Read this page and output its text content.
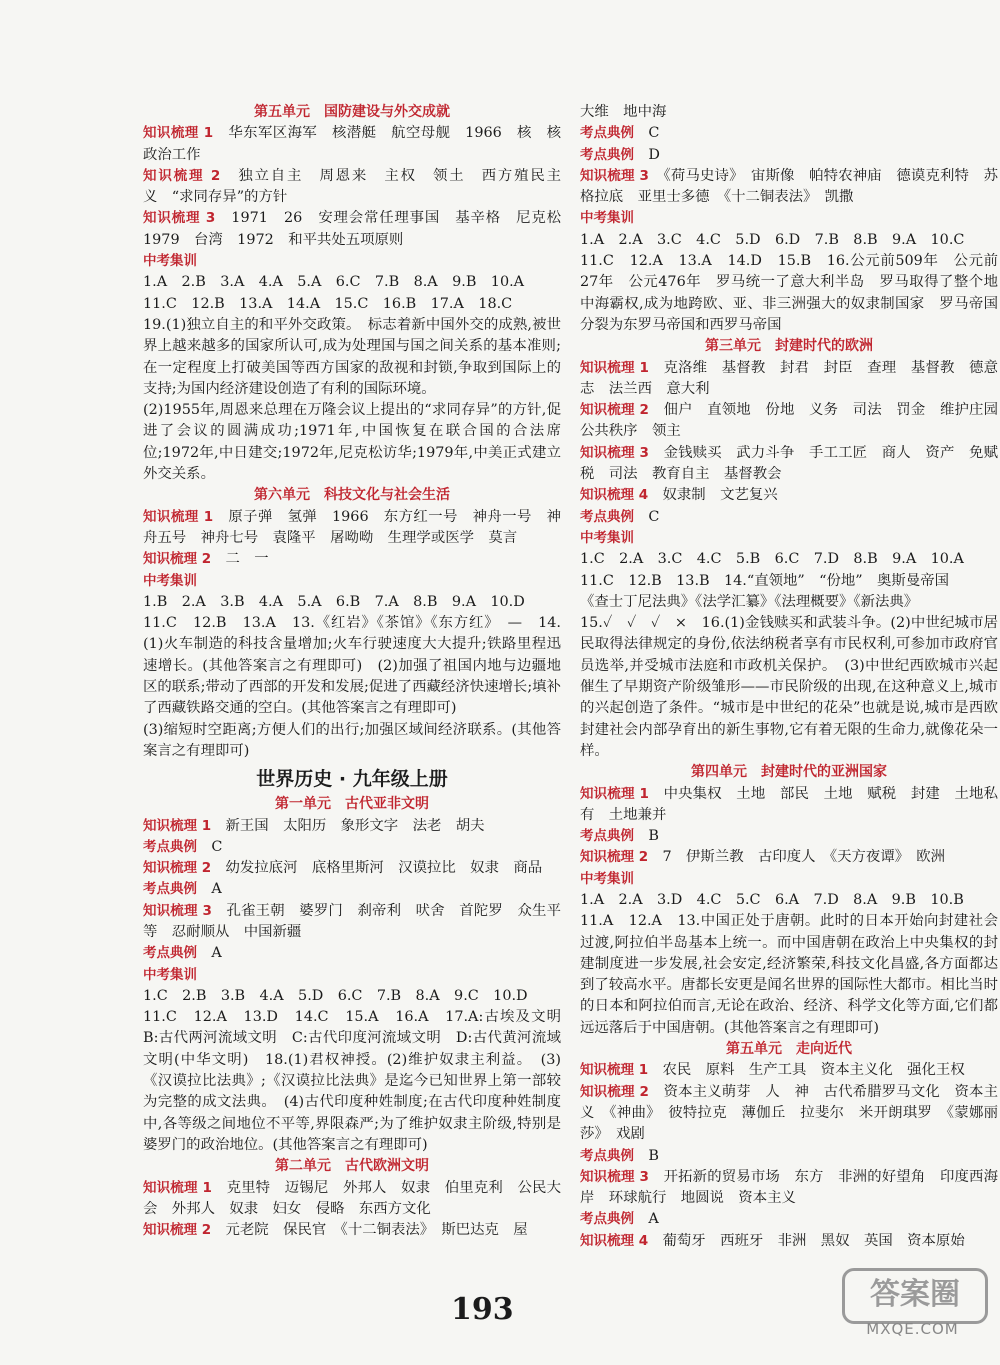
第五单元　国防建设与外交成就
知识梳理 1　 华东军区海军　核潜艇　航空母舰　1966　核　核　政治工作
知识梳理 2　 独立自主　周恩来　主权　领土　西方殖民主义　“求同存异”的方针
知识梳理 3　 1971　26　安理会常任理事国　基辛格　尼克松　1979　台湾　1972　和平共处五项原则
中考集训
1.A　2.B　3.A　4.A　5.A　6.C　7.B　8.A　9.B　10.A
11.C　12.B　13.A　14.A　15.C　16.B　17.A　18.C
19.(1)独立自主的和平外交政策。　标志着新中国外交的成熟,被世界上越来越多的国家所认可,成为处理国与国之间关系的基本准则;在一定程度上打破美国等西方国家的敌视和封锁,争取到国际上的支持;为国内经济建设创造了有利的国际环境。
(2)1955年,周恩来总理在万隆会议上提出的“求同存异”的方针,促进了会议的圆满成功;1971年,中国恢复在联合国的合法席位;1972年,中日建交;1972年,尼克松访华;1979年,中美正式建立外交关系。
第六单元　科技文化与社会生活
知识梳理 1　 原子弹　氢弹　1966　东方红一号　神舟一号　神舟五号　神舟七号　袁隆平　屠呦呦　生理学或医学　莫言
知识梳理 2　 二　一
中考集训
1.B　2.A　3.B　4.A　5.A　6.B　7.A　8.B　9.A　10.D
11.C　12.B　13.A　13.《红岩》《茶馆》《东方红》　—　14.(1)火车制造的科技含量增加;火车行驶速度大大提升;铁路里程迅速增长。(其他答案言之有理即可)　(2)加强了祖国内地与边疆地区的联系;带动了西部的开发和发展;促进了西藏经济快速增长;填补了西藏铁路交通的空白。(其他答案言之有理即可)
(3)缩短时空距离;方便人们的出行;加强区域间经济联系。(其他答案言之有理即可)
世界历史 · 九年级上册
第一单元　古代亚非文明
知识梳理 1　 新王国　太阳历　象形文字　法老　胡夫
考点典例　 C
知识梳理 2　 幼发拉底河　底格里斯河　汉谟拉比　奴隶　商品
考点典例　 A
知识梳理 3　 孔雀王朝　婆罗门　刹帝利　吠舍　首陀罗　众生平等　忍耐顺从　中国新疆
考点典例　 A
中考集训
1.C　2.B　3.B　4.A　5.D　6.C　7.B　8.A　9.C　10.D
11.C　12.A　13.D　14.C　15.A　16.A　17.A:古埃及文明　B:古代两河流域文明　C:古代印度河流域文明　D:古代黄河流域文明(中华文明)　18.(1)君权神授。(2)维护奴隶主利益。　(3)《汉谟拉比法典》;《汉谟拉比法典》是迄今已知世界上第一部较为完整的成文法典。　(4)古代印度种姓制度;在古代印度种姓制度中,各等级之间地位不平等,界限森严;为了维护奴隶主阶级,特别是婆罗门的政治地位。(其他答案言之有理即可)
第二单元　古代欧洲文明
知识梳理 1　 克里特　迈锡尼　外邦人　奴隶　伯里克利　公民大会　外邦人　奴隶　妇女　侵略　东西方文化
知识梳理 2　 元老院　保民官　《十二铜表法》　斯巴达克　屋
大维　地中海
考点典例　 C
考点典例　 D
知识梳理 3　 《荷马史诗》　宙斯像　帕特农神庙　德谟克利特　苏格拉底　亚里士多德　《十二铜表法》　凯撒
中考集训
1.A　2.A　3.C　4.C　5.D　6.D　7.B　8.B　9.A　10.C
11.C　12.A　13.A　14.D　15.B　16.公元前509年　公元前27年　公元476年　罗马统一了意大利半岛　罗马取得了整个地中海霸权,成为地跨欧、亚、非三洲强大的奴隶制国家　罗马帝国分裂为东罗马帝国和西罗马帝国
第三单元　封建时代的欧洲
知识梳理 1　 克洛维　基督教　封君　封臣　查理　基督教　德意志　法兰西　意大利
知识梳理 2　 佃户　直领地　份地　义务　司法　罚金　维护庄园公共秩序　领主
知识梳理 3　 金钱赎买　武力斗争　手工工匠　商人　资产　免赋税　司法　教育自主　基督教会
知识梳理 4　 奴隶制　文艺复兴
考点典例　 C
中考集训
1.C　2.A　3.C　4.C　5.B　6.C　7.D　8.B　9.A　10.A
11.C　12.B　13.B　14.“直领地”　“份地”　奥斯曼帝国
《查士丁尼法典》《法学汇纂》《法理概要》《新法典》
15.✓　✓　✓　×　16.(1)金钱赎买和武装斗争。(2)中世纪城市居民取得法律规定的身份,依法纳税者享有市民权利,可参加市政府官员选举,并受城市法庭和市政机关保护。　(3)中世纪西欧城市兴起催生了早期资产阶级雏形——市民阶级的出现,在这种意义上,城市的兴起创造了条件。“城市是中世纪的花朵”也就是说,城市是西欧封建社会内部孕育出的新生事物,它有着无限的生命力,就像花朵一样。
第四单元　封建时代的亚洲国家
知识梳理 1　 中央集权　土地　部民　土地　赋税　封建　土地私有　土地兼并
考点典例　 B
知识梳理 2　 7　伊斯兰教　古印度人　《天方夜谭》　欧洲
中考集训
1.A　2.A　3.D　4.C　5.C　6.A　7.D　8.A　9.B　10.B
11.A　12.A　13.中国正处于唐朝。此时的日本开始向封建社会过渡,阿拉伯半岛基本上统一。而中国唐朝在政治上中央集权的封建制度进一步发展,社会安定,经济繁荣,科技文化昌盛,各方面都达到了较高水平。唐都长安更是闻名世界的国际性大都市。相比当时的日本和阿拉伯而言,无论在政治、经济、科学文化等方面,它们都远远落后于中国唐朝。(其他答案言之有理即可)
第五单元　走向近代
知识梳理 1　 农民　原料　生产工具　资本主义化　强化王权
知识梳理 2　 资本主义萌芽　人　神　古代希腊罗马文化　资本主义　《神曲》　彼特拉克　薄伽丘　拉斐尔　米开朗琪罗　《蒙娜丽莎》　戏剧
考点典例　 B
知识梳理 3　 开拓新的贸易市场　东方　非洲的好望角　印度西海岸　环球航行　地圆说　资本主义
考点典例　 A
知识梳理 4　 葡萄牙　西班牙　非洲　黑奴　英国　资本原始
193	答案圈
MXQE.COM
